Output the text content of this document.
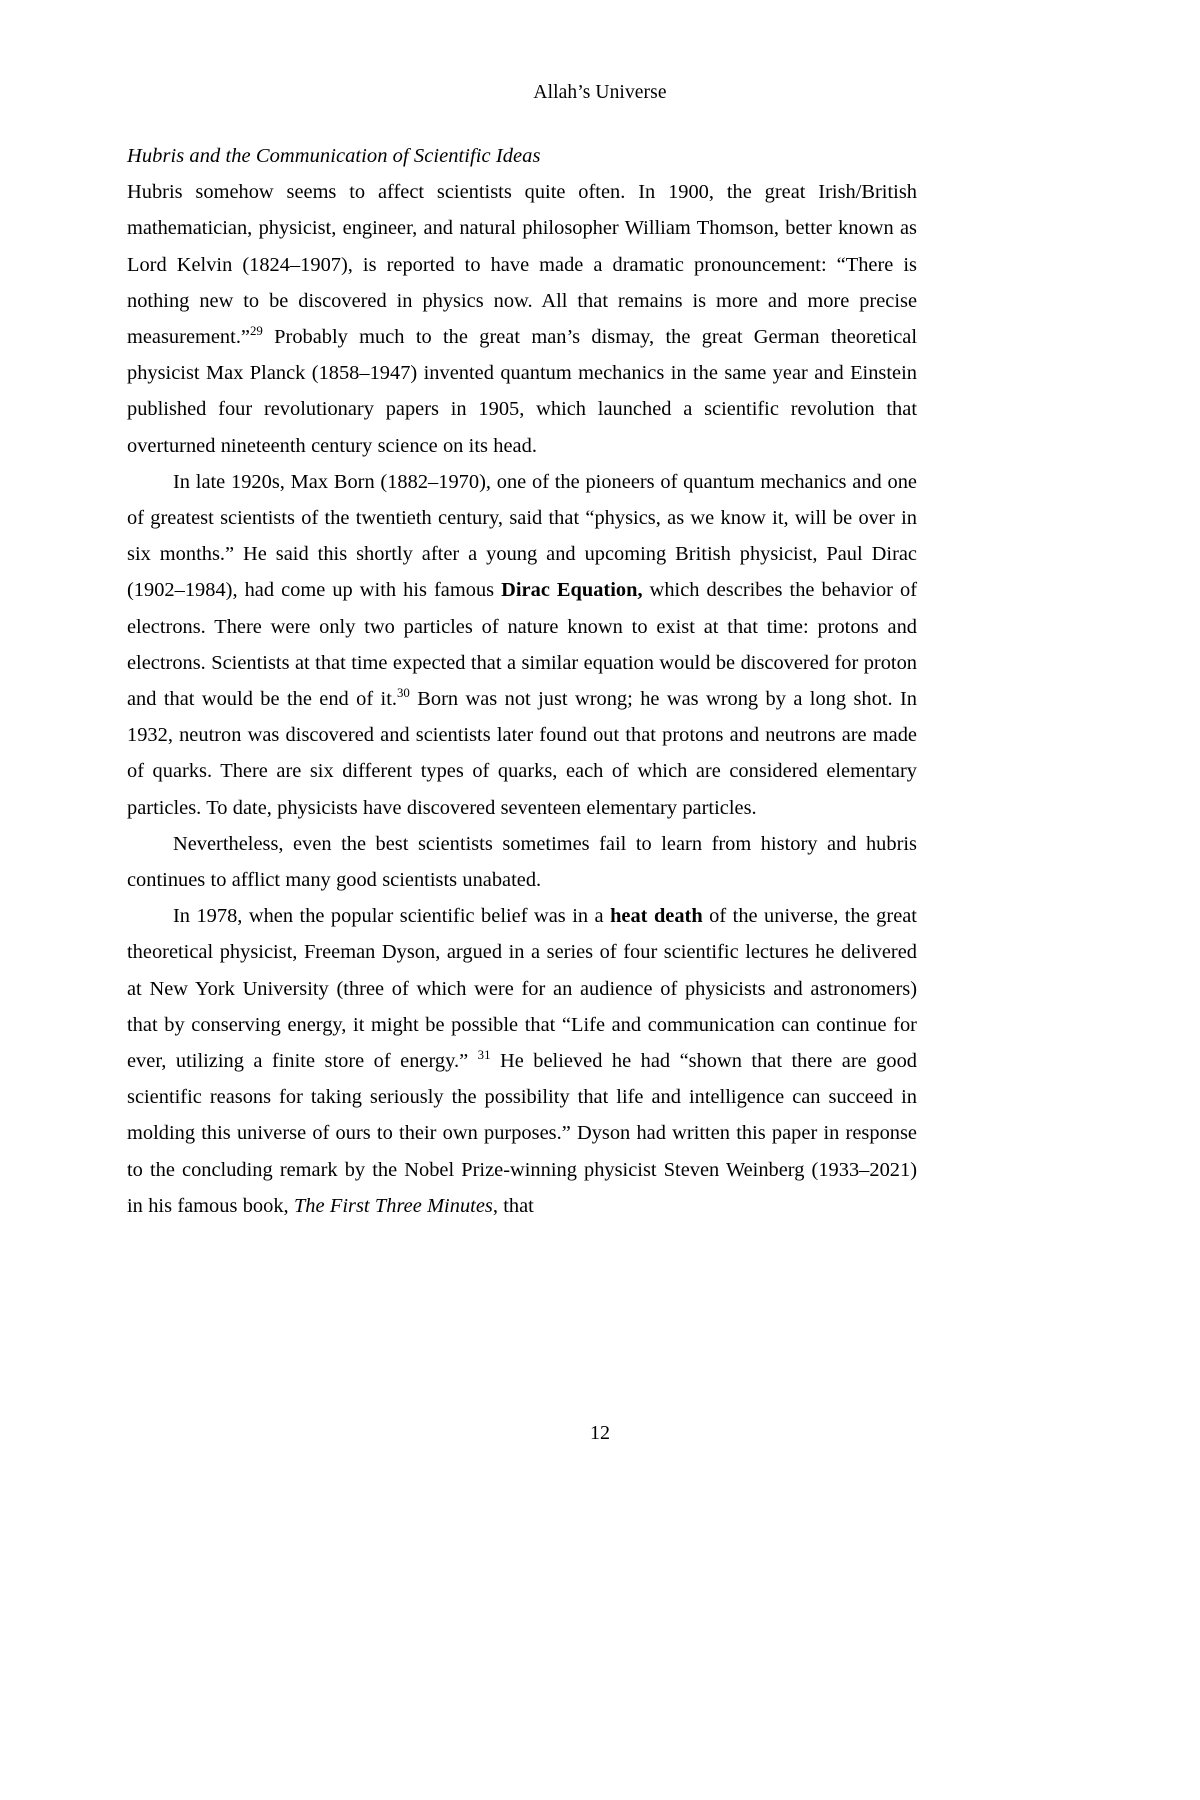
Allah’s Universe
Hubris and the Communication of Scientific Ideas

Hubris somehow seems to affect scientists quite often. In 1900, the great Irish/British mathematician, physicist, engineer, and natural philosopher William Thomson, better known as Lord Kelvin (1824–1907), is reported to have made a dramatic pronouncement: “There is nothing new to be discovered in physics now. All that remains is more and more precise measurement.”$^{29}$ Probably much to the great man’s dismay, the great German theoretical physicist Max Planck (1858–1947) invented quantum mechanics in the same year and Einstein published four revolutionary papers in 1905, which launched a scientific revolution that overturned nineteenth century science on its head.

In late 1920s, Max Born (1882–1970), one of the pioneers of quantum mechanics and one of greatest scientists of the twentieth century, said that “physics, as we know it, will be over in six months.” He said this shortly after a young and upcoming British physicist, Paul Dirac (1902–1984), had come up with his famous Dirac Equation, which describes the behavior of electrons. There were only two particles of nature known to exist at that time: protons and electrons. Scientists at that time expected that a similar equation would be discovered for proton and that would be the end of it.$^{30}$ Born was not just wrong; he was wrong by a long shot. In 1932, neutron was discovered and scientists later found out that protons and neutrons are made of quarks. There are six different types of quarks, each of which are considered elementary particles. To date, physicists have discovered seventeen elementary particles.

Nevertheless, even the best scientists sometimes fail to learn from history and hubris continues to afflict many good scientists unabated.

In 1978, when the popular scientific belief was in a heat death of the universe, the great theoretical physicist, Freeman Dyson, argued in a series of four scientific lectures he delivered at New York University (three of which were for an audience of physicists and astronomers) that by conserving energy, it might be possible that “Life and communication can continue for ever, utilizing a finite store of energy.” $^{31}$ He believed he had “shown that there are good scientific reasons for taking seriously the possibility that life and intelligence can succeed in molding this universe of ours to their own purposes.” Dyson had written this paper in response to the concluding remark by the Nobel Prize-winning physicist Steven Weinberg (1933–2021) in his famous book, The First Three Minutes, that

12
